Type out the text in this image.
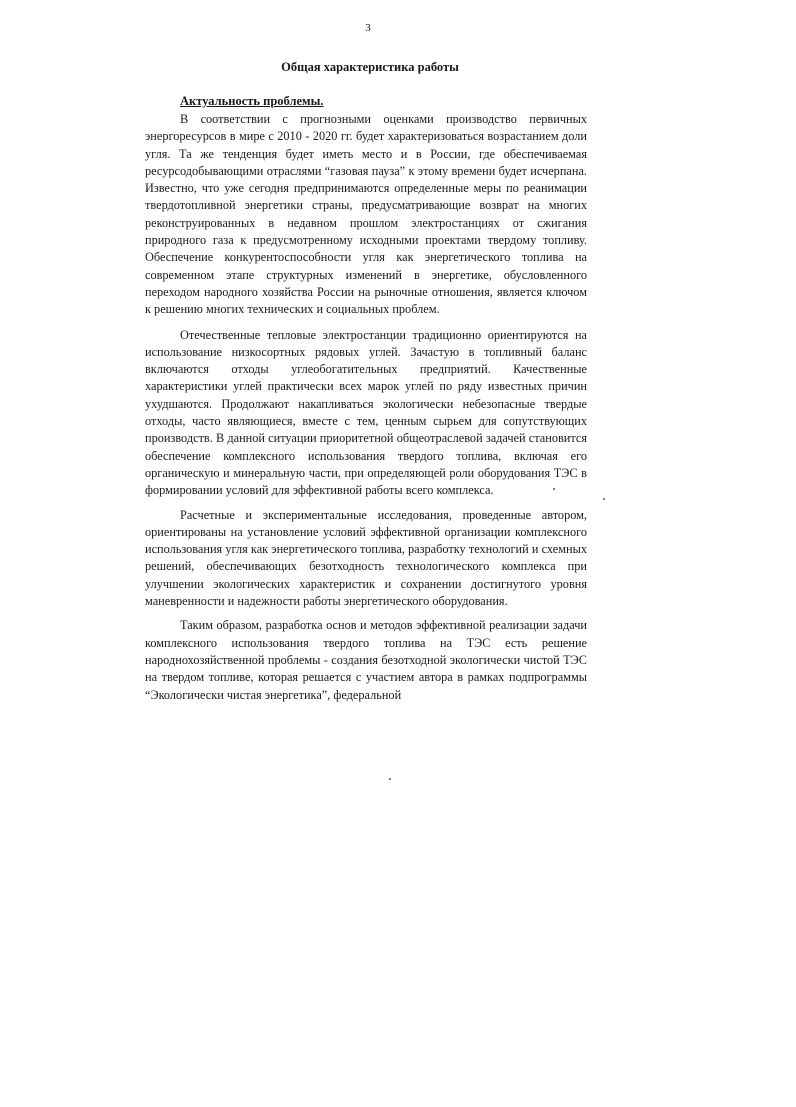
3
Общая характеристика работы
Актуальность проблемы.

В соответствии с прогнозными оценками производство первичных энергоресурсов в мире с 2010 - 2020 гг. будет характеризоваться возрастанием доли угля. Та же тенденция будет иметь место и в России, где обеспечиваемая ресурсодобывающими отраслями “газовая пауза” к этому времени будет исчерпана. Известно, что уже сегодня предпринимаются определенные меры по реанимации твердотопливной энергетики страны, предусматривающие возврат на многих реконструированных в недавном прошлом электростанциях от сжигания природного газа к предусмотренному исходными проектами твердому топливу. Обеспечение конкурентоспособности угля как энергетического топлива на современном этапе структурных изменений в энергетике, обусловленного переходом народного хозяйства России на рыночные отношения, является ключом к решению многих технических и социальных проблем.

Отечественные тепловые электростанции традиционно ориентируются на использование низкосортных рядовых углей. Зачастую в топливный баланс включаются отходы углеобогатительных предприятий. Качественные характеристики углей практически всех марок углей по ряду известных причин ухудшаются. Продолжают накапливаться экологически небезопасные твердые отходы, часто являющиеся, вместе с тем, ценным сырьем для сопутствующих производств. В данной ситуации приоритетной общеотраслевой задачей становится обеспечение комплексного использования твердого топлива, включая его органическую и минеральную части, при определяющей роли оборудования ТЭС в формировании условий для эффективной работы всего комплекса.

Расчетные и экспериментальные исследования, проведенные автором, ориентированы на установление условий эффективной организации комплексного использования угля как энергетического топлива, разработку технологий и схемных решений, обеспечивающих безотходность технологического комплекса при улучшении экологических характеристик и сохранении достигнутого уровня маневренности и надежности работы энергетического оборудования.

Таким образом, разработка основ и методов эффективной реализации задачи комплексного использования твердого топлива на ТЭС есть решение народнохозяйственной проблемы - создания безотходной экологически чистой ТЭС на твердом топливе, которая решается с участием автора в рамках подпрограммы “Экологически чистая энергетика”, федеральной
